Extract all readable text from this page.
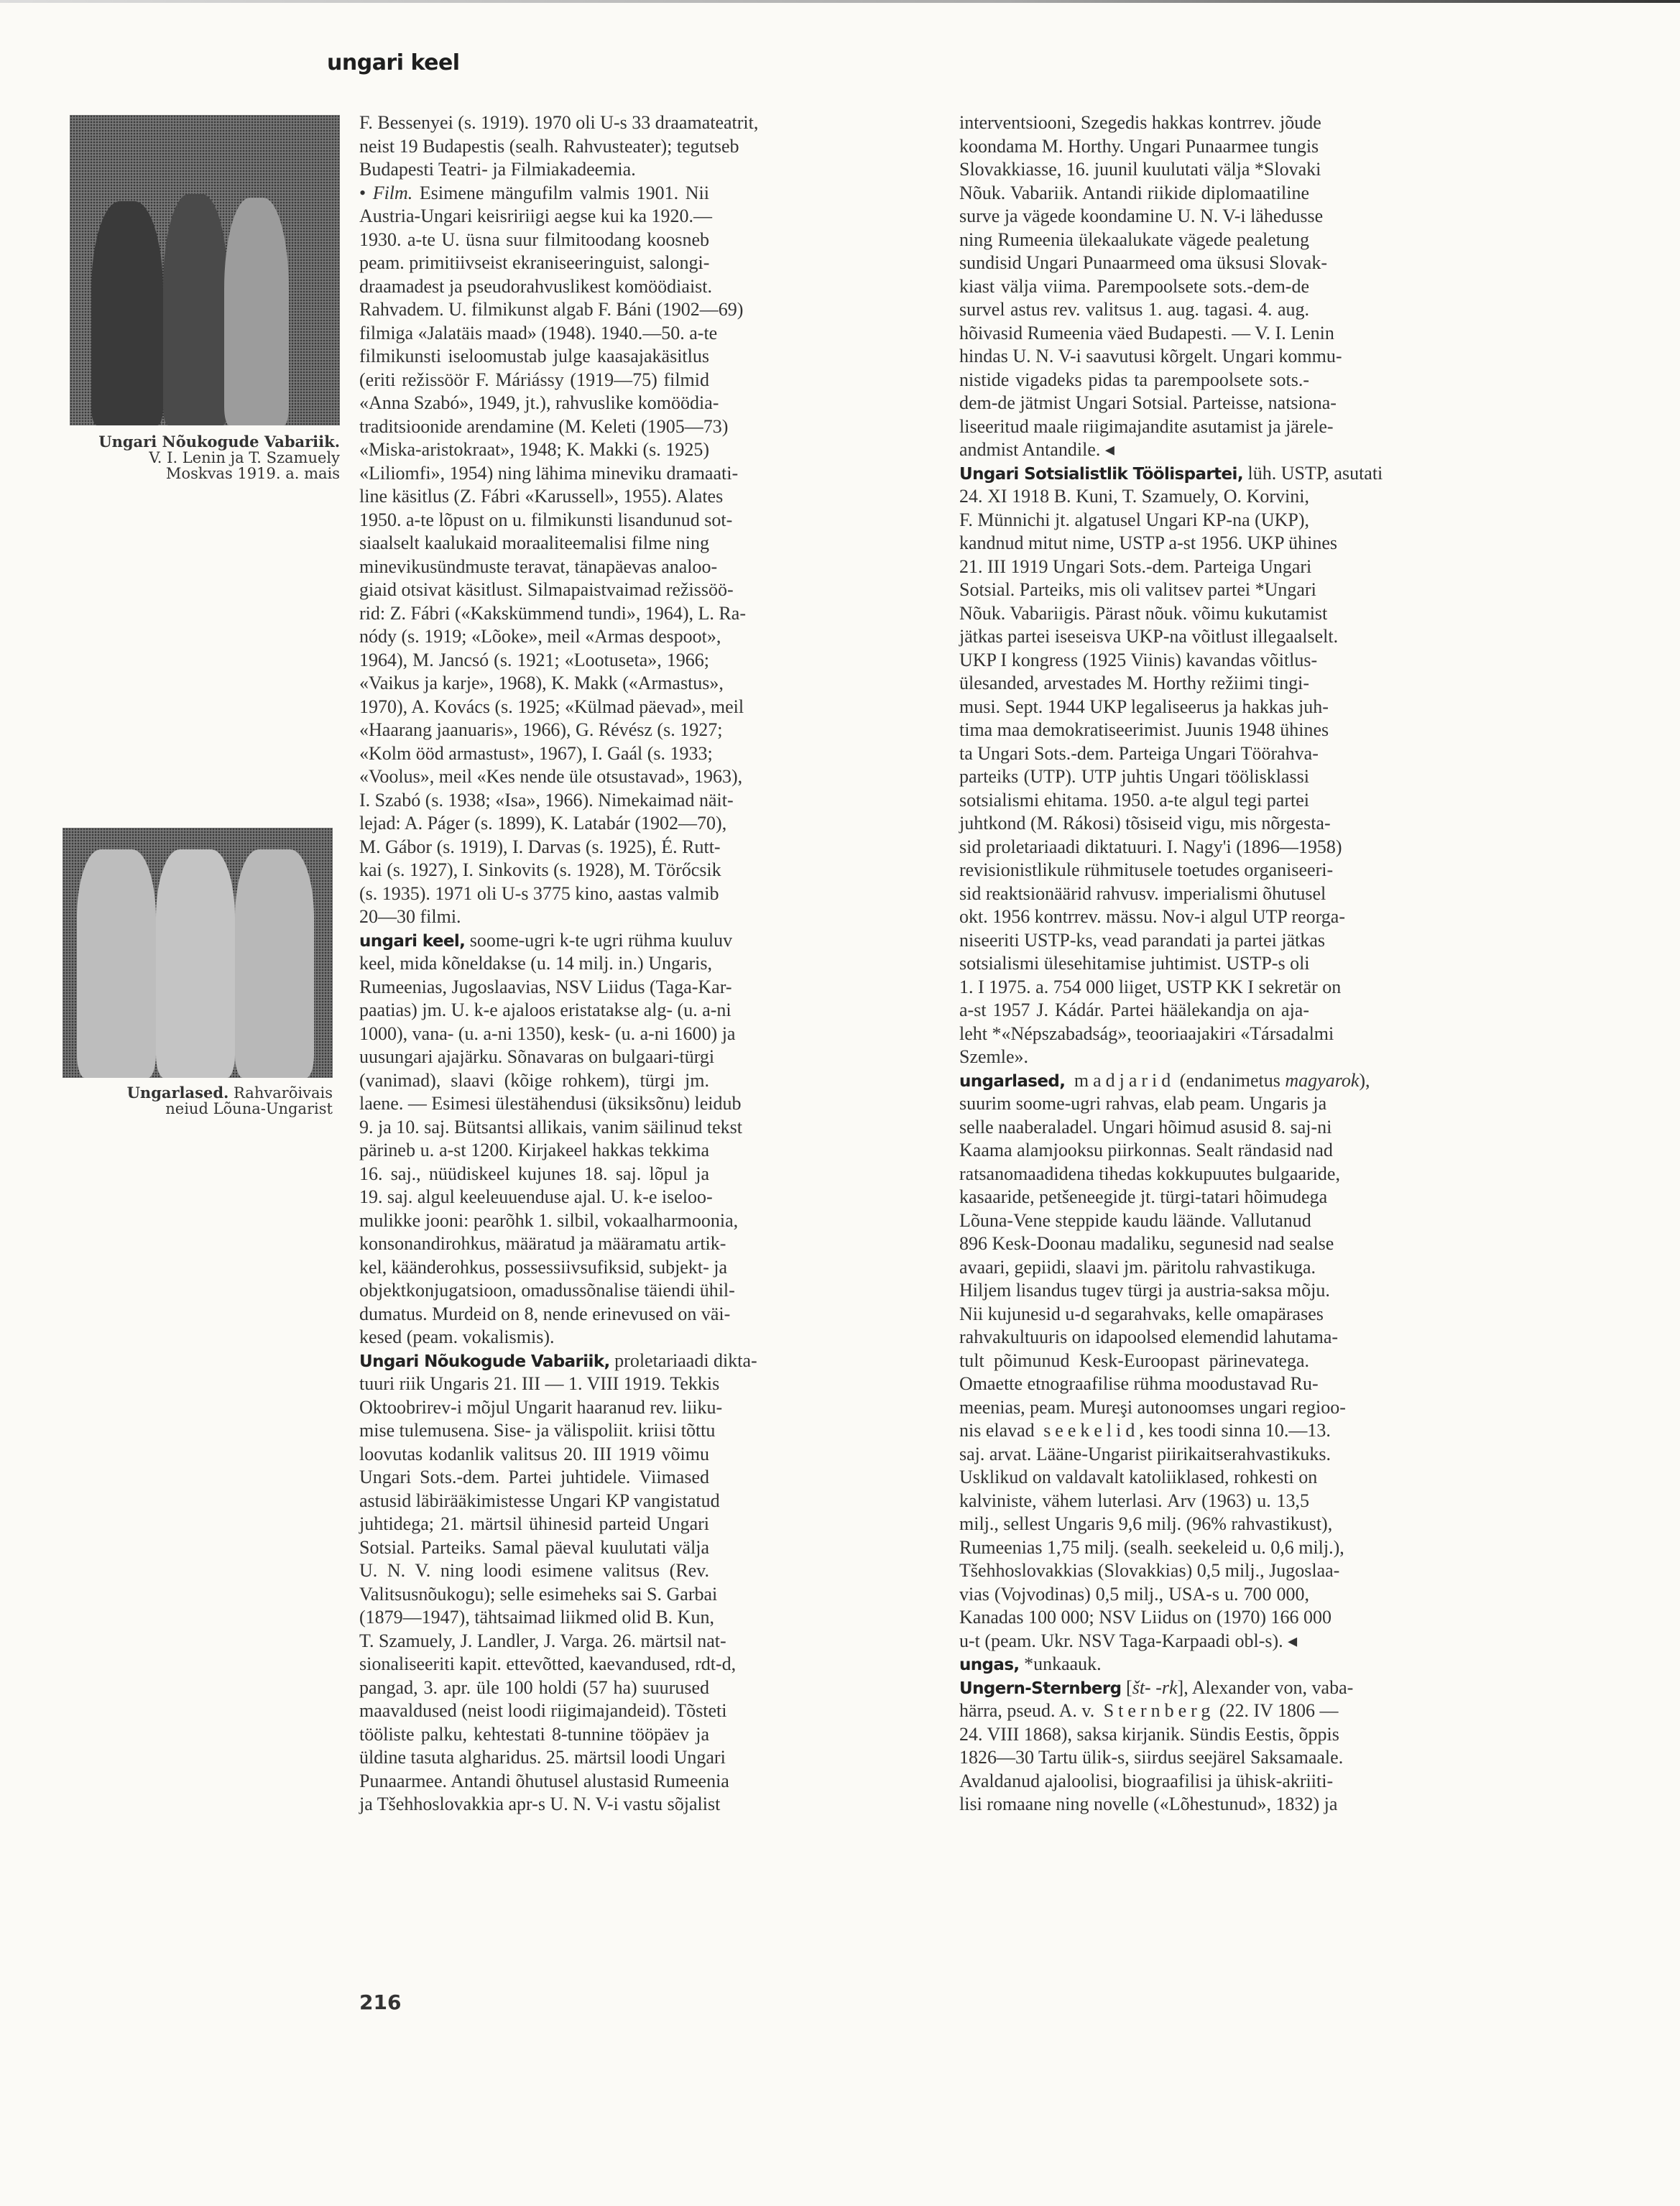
ungari keel
Ungari Nõukogude Vabariik.
V. I. Lenin ja T. Szamuely
Moskvas 1919. a. mais
Ungarlased. Rahvarõivais
neiud Lõuna-Ungarist
F. Bessenyei (s. 1919). 1970 oli U-s 33 draamateatrit,
neist 19 Budapestis (sealh. Rahvusteater); tegutseb
Budapesti Teatri- ja Filmiakadeemia.
• Film. Esimene mängufilm valmis 1901. Nii
Austria-Ungari keisririigi aegse kui ka 1920.—
1930. a-te U. üsna suur filmitoodang koosneb
peam. primitiivseist ekraniseeringuist, salongi-
draamadest ja pseudorahvuslikest komöödiaist.
Rahvadem. U. filmikunst algab F. Báni (1902—69)
filmiga «Jalatäis maad» (1948). 1940.—50. a-te
filmikunsti iseloomustab julge kaasajakäsitlus
(eriti režissöör F. Máriássy (1919—75) filmid
«Anna Szabó», 1949, jt.), rahvuslike komöödia-
traditsioonide arendamine (M. Keleti (1905—73)
«Miska-aristokraat», 1948; K. Makki (s. 1925)
«Liliomfi», 1954) ning lähima mineviku dramaati-
line käsitlus (Z. Fábri «Karussell», 1955). Alates
1950. a-te lõpust on u. filmikunsti lisandunud sot-
siaalselt kaalukaid moraaliteemalisi filme ning
minevikusündmuste teravat, tänapäevas analoo-
giaid otsivat käsitlust. Silmapaistvaimad režissöö-
rid: Z. Fábri («Kakskümmend tundi», 1964), L. Ra-
nódy (s. 1919; «Lõoke», meil «Armas despoot»,
1964), M. Jancsó (s. 1921; «Lootuseta», 1966;
«Vaikus ja karje», 1968), K. Makk («Armastus»,
1970), A. Kovács (s. 1925; «Külmad päevad», meil
«Haarang jaanuaris», 1966), G. Révész (s. 1927;
«Kolm ööd armastust», 1967), I. Gaál (s. 1933;
«Voolus», meil «Kes nende üle otsustavad», 1963),
I. Szabó (s. 1938; «Isa», 1966). Nimekaimad näit-
lejad: A. Páger (s. 1899), K. Latabár (1902—70),
M. Gábor (s. 1919), I. Darvas (s. 1925), É. Rutt-
kai (s. 1927), I. Sinkovits (s. 1928), M. Törőcsik
(s. 1935). 1971 oli U-s 3775 kino, aastas valmib
20—30 filmi.
ungari keel, soome-ugri k-te ugri rühma kuuluv
keel, mida kõneldakse (u. 14 milj. in.) Ungaris,
Rumeenias, Jugoslaavias, NSV Liidus (Taga-Kar-
paatias) jm. U. k-e ajaloos eristatakse alg- (u. a-ni
1000), vana- (u. a-ni 1350), kesk- (u. a-ni 1600) ja
uusungari ajajärku. Sõnavaras on bulgaari-türgi
(vanimad), slaavi (kõige rohkem), türgi jm.
laene. — Esimesi ülestähendusi (üksiksõnu) leidub
9. ja 10. saj. Bütsantsi allikais, vanim säilinud tekst
pärineb u. a-st 1200. Kirjakeel hakkas tekkima
16. saj., nüüdiskeel kujunes 18. saj. lõpul ja
19. saj. algul keeleuuenduse ajal. U. k-e iseloo-
mulikke jooni: pearõhk 1. silbil, vokaalharmoonia,
konsonandirohkus, määratud ja määramatu artik-
kel, käänderohkus, possessiivsufiksid, subjekt- ja
objektkonjugatsioon, omadussõnalise täiendi ühil-
dumatus. Murdeid on 8, nende erinevused on väi-
kesed (peam. vokalismis).
Ungari Nõukogude Vabariik, proletariaadi dikta-
tuuri riik Ungaris 21. III — 1. VIII 1919. Tekkis
Oktoobrirev-i mõjul Ungarit haaranud rev. liiku-
mise tulemusena. Sise- ja välispoliit. kriisi tõttu
loovutas kodanlik valitsus 20. III 1919 võimu
Ungari Sots.-dem. Partei juhtidele. Viimased
astusid läbirääkimistesse Ungari KP vangistatud
juhtidega; 21. märtsil ühinesid parteid Ungari
Sotsial. Parteiks. Samal päeval kuulutati välja
U. N. V. ning loodi esimene valitsus (Rev.
Valitsusnõukogu); selle esimeheks sai S. Garbai
(1879—1947), tähtsaimad liikmed olid B. Kun,
T. Szamuely, J. Landler, J. Varga. 26. märtsil nat-
sionaliseeriti kapit. ettevõtted, kaevandused, rdt-d,
pangad, 3. apr. üle 100 holdi (57 ha) suurused
maavaldused (neist loodi riigimajandeid). Tõsteti
tööliste palku, kehtestati 8-tunnine tööpäev ja
üldine tasuta algharidus. 25. märtsil loodi Ungari
Punaarmee. Antandi õhutusel alustasid Rumeenia
ja Tšehhoslovakkia apr-s U. N. V-i vastu sõjalist
interventsiooni, Szegedis hakkas kontrrev. jõude
koondama M. Horthy. Ungari Punaarmee tungis
Slovakkiasse, 16. juunil kuulutati välja *Slovaki
Nõuk. Vabariik. Antandi riikide diplomaatiline
surve ja vägede koondamine U. N. V-i lähedusse
ning Rumeenia ülekaalukate vägede pealetung
sundisid Ungari Punaarmeed oma üksusi Slovak-
kiast välja viima. Parempoolsete sots.-dem-de
survel astus rev. valitsus 1. aug. tagasi. 4. aug.
hõivasid Rumeenia väed Budapesti. — V. I. Lenin
hindas U. N. V-i saavutusi kõrgelt. Ungari kommu-
nistide vigadeks pidas ta parempoolsete sots.-
dem-de jätmist Ungari Sotsial. Parteisse, natsiona-
liseeritud maale riigimajandite asutamist ja järele-
andmist Antandile. ◂
Ungari Sotsialistlik Töölispartei, lüh. USTP, asutati
24. XI 1918 B. Kuni, T. Szamuely, O. Korvini,
F. Münnichi jt. algatusel Ungari KP-na (UKP),
kandnud mitut nime, USTP a-st 1956. UKP ühines
21. III 1919 Ungari Sots.-dem. Parteiga Ungari
Sotsial. Parteiks, mis oli valitsev partei *Ungari
Nõuk. Vabariigis. Pärast nõuk. võimu kukutamist
jätkas partei iseseisva UKP-na võitlust illegaalselt.
UKP I kongress (1925 Viinis) kavandas võitlus-
ülesanded, arvestades M. Horthy režiimi tingi-
musi. Sept. 1944 UKP legaliseerus ja hakkas juh-
tima maa demokratiseerimist. Juunis 1948 ühines
ta Ungari Sots.-dem. Parteiga Ungari Töörahva-
parteiks (UTP). UTP juhtis Ungari töölisklassi
sotsialismi ehitama. 1950. a-te algul tegi partei
juhtkond (M. Rákosi) tõsiseid vigu, mis nõrgesta-
sid proletariaadi diktatuuri. I. Nagy'i (1896—1958)
revisionistlikule rühmitusele toetudes organiseeri-
sid reaktsionäärid rahvusv. imperialismi õhutusel
okt. 1956 kontrrev. mässu. Nov-i algul UTP reorga-
niseeriti USTP-ks, vead parandati ja partei jätkas
sotsialismi ülesehitamise juhtimist. USTP-s oli
1. I 1975. a. 754 000 liiget, USTP KK I sekretär on
a-st 1957 J. Kádár. Partei häälekandja on aja-
leht *«Népszabadság», teooriaajakiri «Társadalmi
Szemle».
ungarlased, madjarid (endanimetus magyarok),
suurim soome-ugri rahvas, elab peam. Ungaris ja
selle naaberaladel. Ungari hõimud asusid 8. saj-ni
Kaama alamjooksu piirkonnas. Sealt rändasid nad
ratsanomaadidena tihedas kokkupuutes bulgaaride,
kasaaride, petšeneegide jt. türgi-tatari hõimudega
Lõuna-Vene steppide kaudu läände. Vallutanud
896 Kesk-Doonau madaliku, segunesid nad sealse
avaari, gepiidi, slaavi jm. päritolu rahvastikuga.
Hiljem lisandus tugev türgi ja austria-saksa mõju.
Nii kujunesid u-d segarahvaks, kelle omapärases
rahvakultuuris on idapoolsed elemendid lahutama-
tult põimunud Kesk-Euroopast pärinevatega.
Omaette etnograafilise rühma moodustavad Ru-
meenias, peam. Mureşi autonoomses ungari regioo-
nis elavad seekelid, kes toodi sinna 10.—13.
saj. arvat. Lääne-Ungarist piirikaitserahvastikuks.
Usklikud on valdavalt katoliiklased, rohkesti on
kalviniste, vähem luterlasi. Arv (1963) u. 13,5
milj., sellest Ungaris 9,6 milj. (96% rahvastikust),
Rumeenias 1,75 milj. (sealh. seekeleid u. 0,6 milj.),
Tšehhoslovakkias (Slovakkias) 0,5 milj., Jugoslaa-
vias (Vojvodinas) 0,5 milj., USA-s u. 700 000,
Kanadas 100 000; NSV Liidus on (1970) 166 000
u-t (peam. Ukr. NSV Taga-Karpaadi obl-s). ◂
ungas, *unkaauk.
Ungern-Sternberg [št- -rk], Alexander von, vaba-
härra, pseud. A. v. Sternberg (22. IV 1806 —
24. VIII 1868), saksa kirjanik. Sündis Eestis, õppis
1826—30 Tartu ülik-s, siirdus seejärel Saksamaale.
Avaldanud ajaloolisi, biograafilisi ja ühisk-akriiti-
lisi romaane ning novelle («Lõhestunud», 1832) ja
216
